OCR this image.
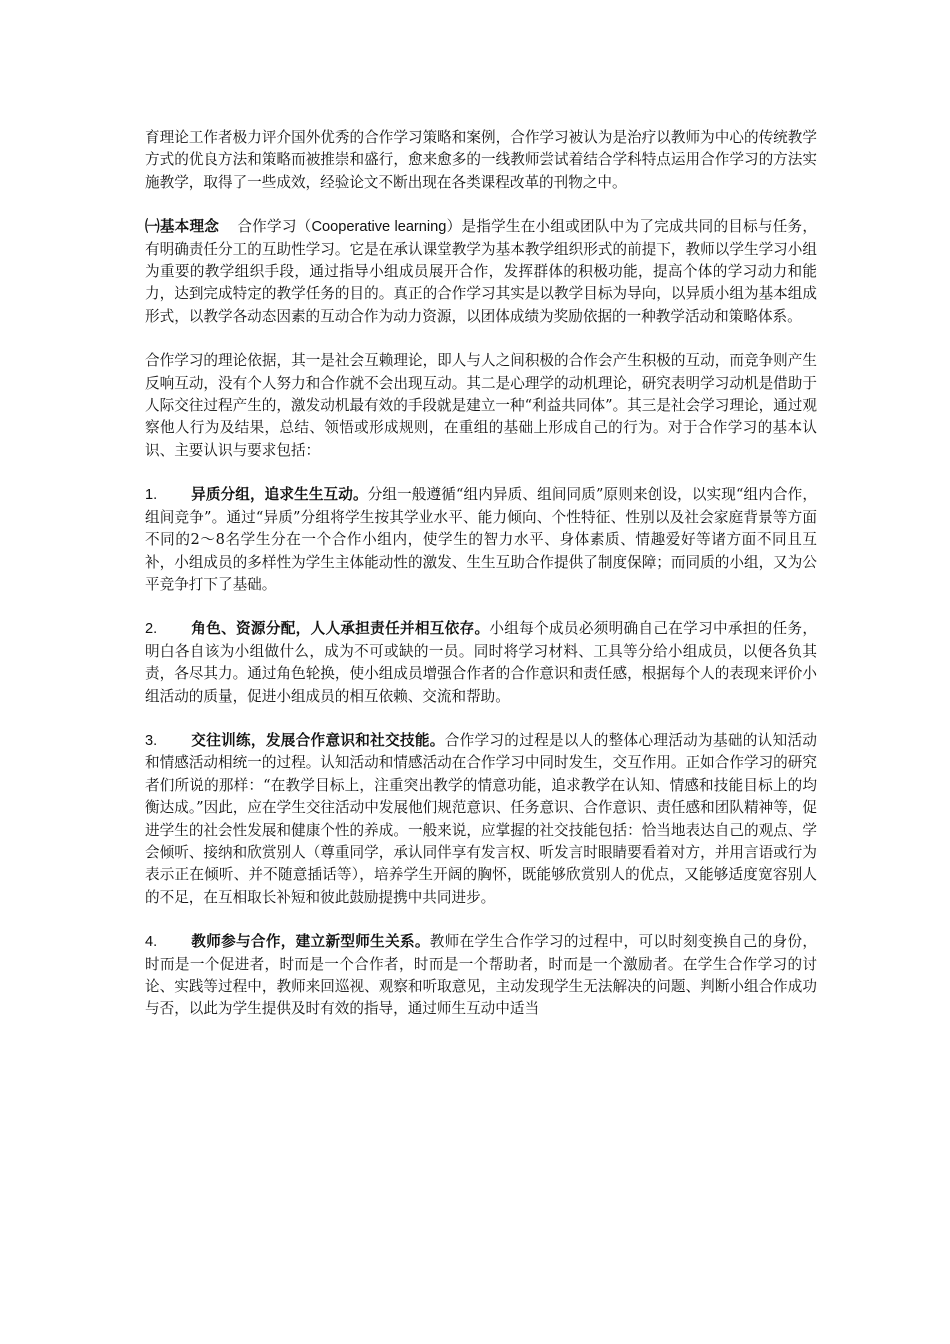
育理论工作者极力评介国外优秀的合作学习策略和案例，合作学习被认为是治疗以教师为中心的传统教学方式的优良方法和策略而被推崇和盛行，愈来愈多的一线教师尝试着结合学科特点运用合作学习的方法实施教学，取得了一些成效，经验论文不断出现在各类课程改革的刊物之中。

㈠基本理念 合作学习（Cooperative learning）是指学生在小组或团队中为了完成共同的目标与任务，有明确责任分工的互助性学习。它是在承认课堂教学为基本教学组织形式的前提下，教师以学生学习小组为重要的教学组织手段，通过指导小组成员展开合作，发挥群体的积极功能，提高个体的学习动力和能力，达到完成特定的教学任务的目的。真正的合作学习其实是以教学目标为导向，以异质小组为基本组成形式，以教学各动态因素的互动合作为动力资源，以团体成绩为奖励依据的一种教学活动和策略体系。

合作学习的理论依据，其一是社会互赖理论，即人与人之间积极的合作会产生积极的互动，而竞争则产生反响互动，没有个人努力和合作就不会出现互动。其二是心理学的动机理论，研究表明学习动机是借助于人际交往过程产生的，激发动机最有效的手段就是建立一种“利益共同体”。其三是社会学习理论，通过观察他人行为及结果，总结、领悟或形成规则，在重组的基础上形成自己的行为。对于合作学习的基本认识、主要认识与要求包括：

1. 异质分组，追求生生互动。分组一般遵循“组内异质、组间同质”原则来创设，以实现“组内合作，组间竞争”。通过“异质”分组将学生按其学业水平、能力倾向、个性特征、性别以及社会家庭背景等方面不同的2～8名学生分在一个合作小组内，使学生的智力水平、身体素质、情趣爱好等诸方面不同且互补，小组成员的多样性为学生主体能动性的激发、生生互助合作提供了制度保障；而同质的小组，又为公平竞争打下了基础。

2. 角色、资源分配，人人承担责任并相互依存。小组每个成员必须明确自己在学习中承担的任务，明白各自该为小组做什么，成为不可或缺的一员。同时将学习材料、工具等分给小组成员，以便各负其责，各尽其力。通过角色轮换，使小组成员增强合作者的合作意识和责任感，根据每个人的表现来评价小组活动的质量，促进小组成员的相互依赖、交流和帮助。

3. 交往训练，发展合作意识和社交技能。合作学习的过程是以人的整体心理活动为基础的认知活动和情感活动相统一的过程。认知活动和情感活动在合作学习中同时发生，交互作用。正如合作学习的研究者们所说的那样：“在教学目标上，注重突出教学的情意功能，追求教学在认知、情感和技能目标上的均衡达成。”因此，应在学生交往活动中发展他们规范意识、任务意识、合作意识、责任感和团队精神等，促进学生的社会性发展和健康个性的养成。一般来说，应掌握的社交技能包括：恰当地表达自己的观点、学会倾听、接纳和欣赏别人（尊重同学，承认同伴享有发言权、听发言时眼睛要看着对方，并用言语或行为表示正在倾听、并不随意插话等），培养学生开阔的胸怀，既能够欣赏别人的优点，又能够适度宽容别人的不足，在互相取长补短和彼此鼓励提携中共同进步。

4. 教师参与合作，建立新型师生关系。教师在学生合作学习的过程中，可以时刻变换自己的身份，时而是一个促进者，时而是一个合作者，时而是一个帮助者，时而是一个激励者。在学生合作学习的讨论、实践等过程中，教师来回巡视、观察和听取意见，主动发现学生无法解决的问题、判断小组合作成功与否，以此为学生提供及时有效的指导，通过师生互动中适当
